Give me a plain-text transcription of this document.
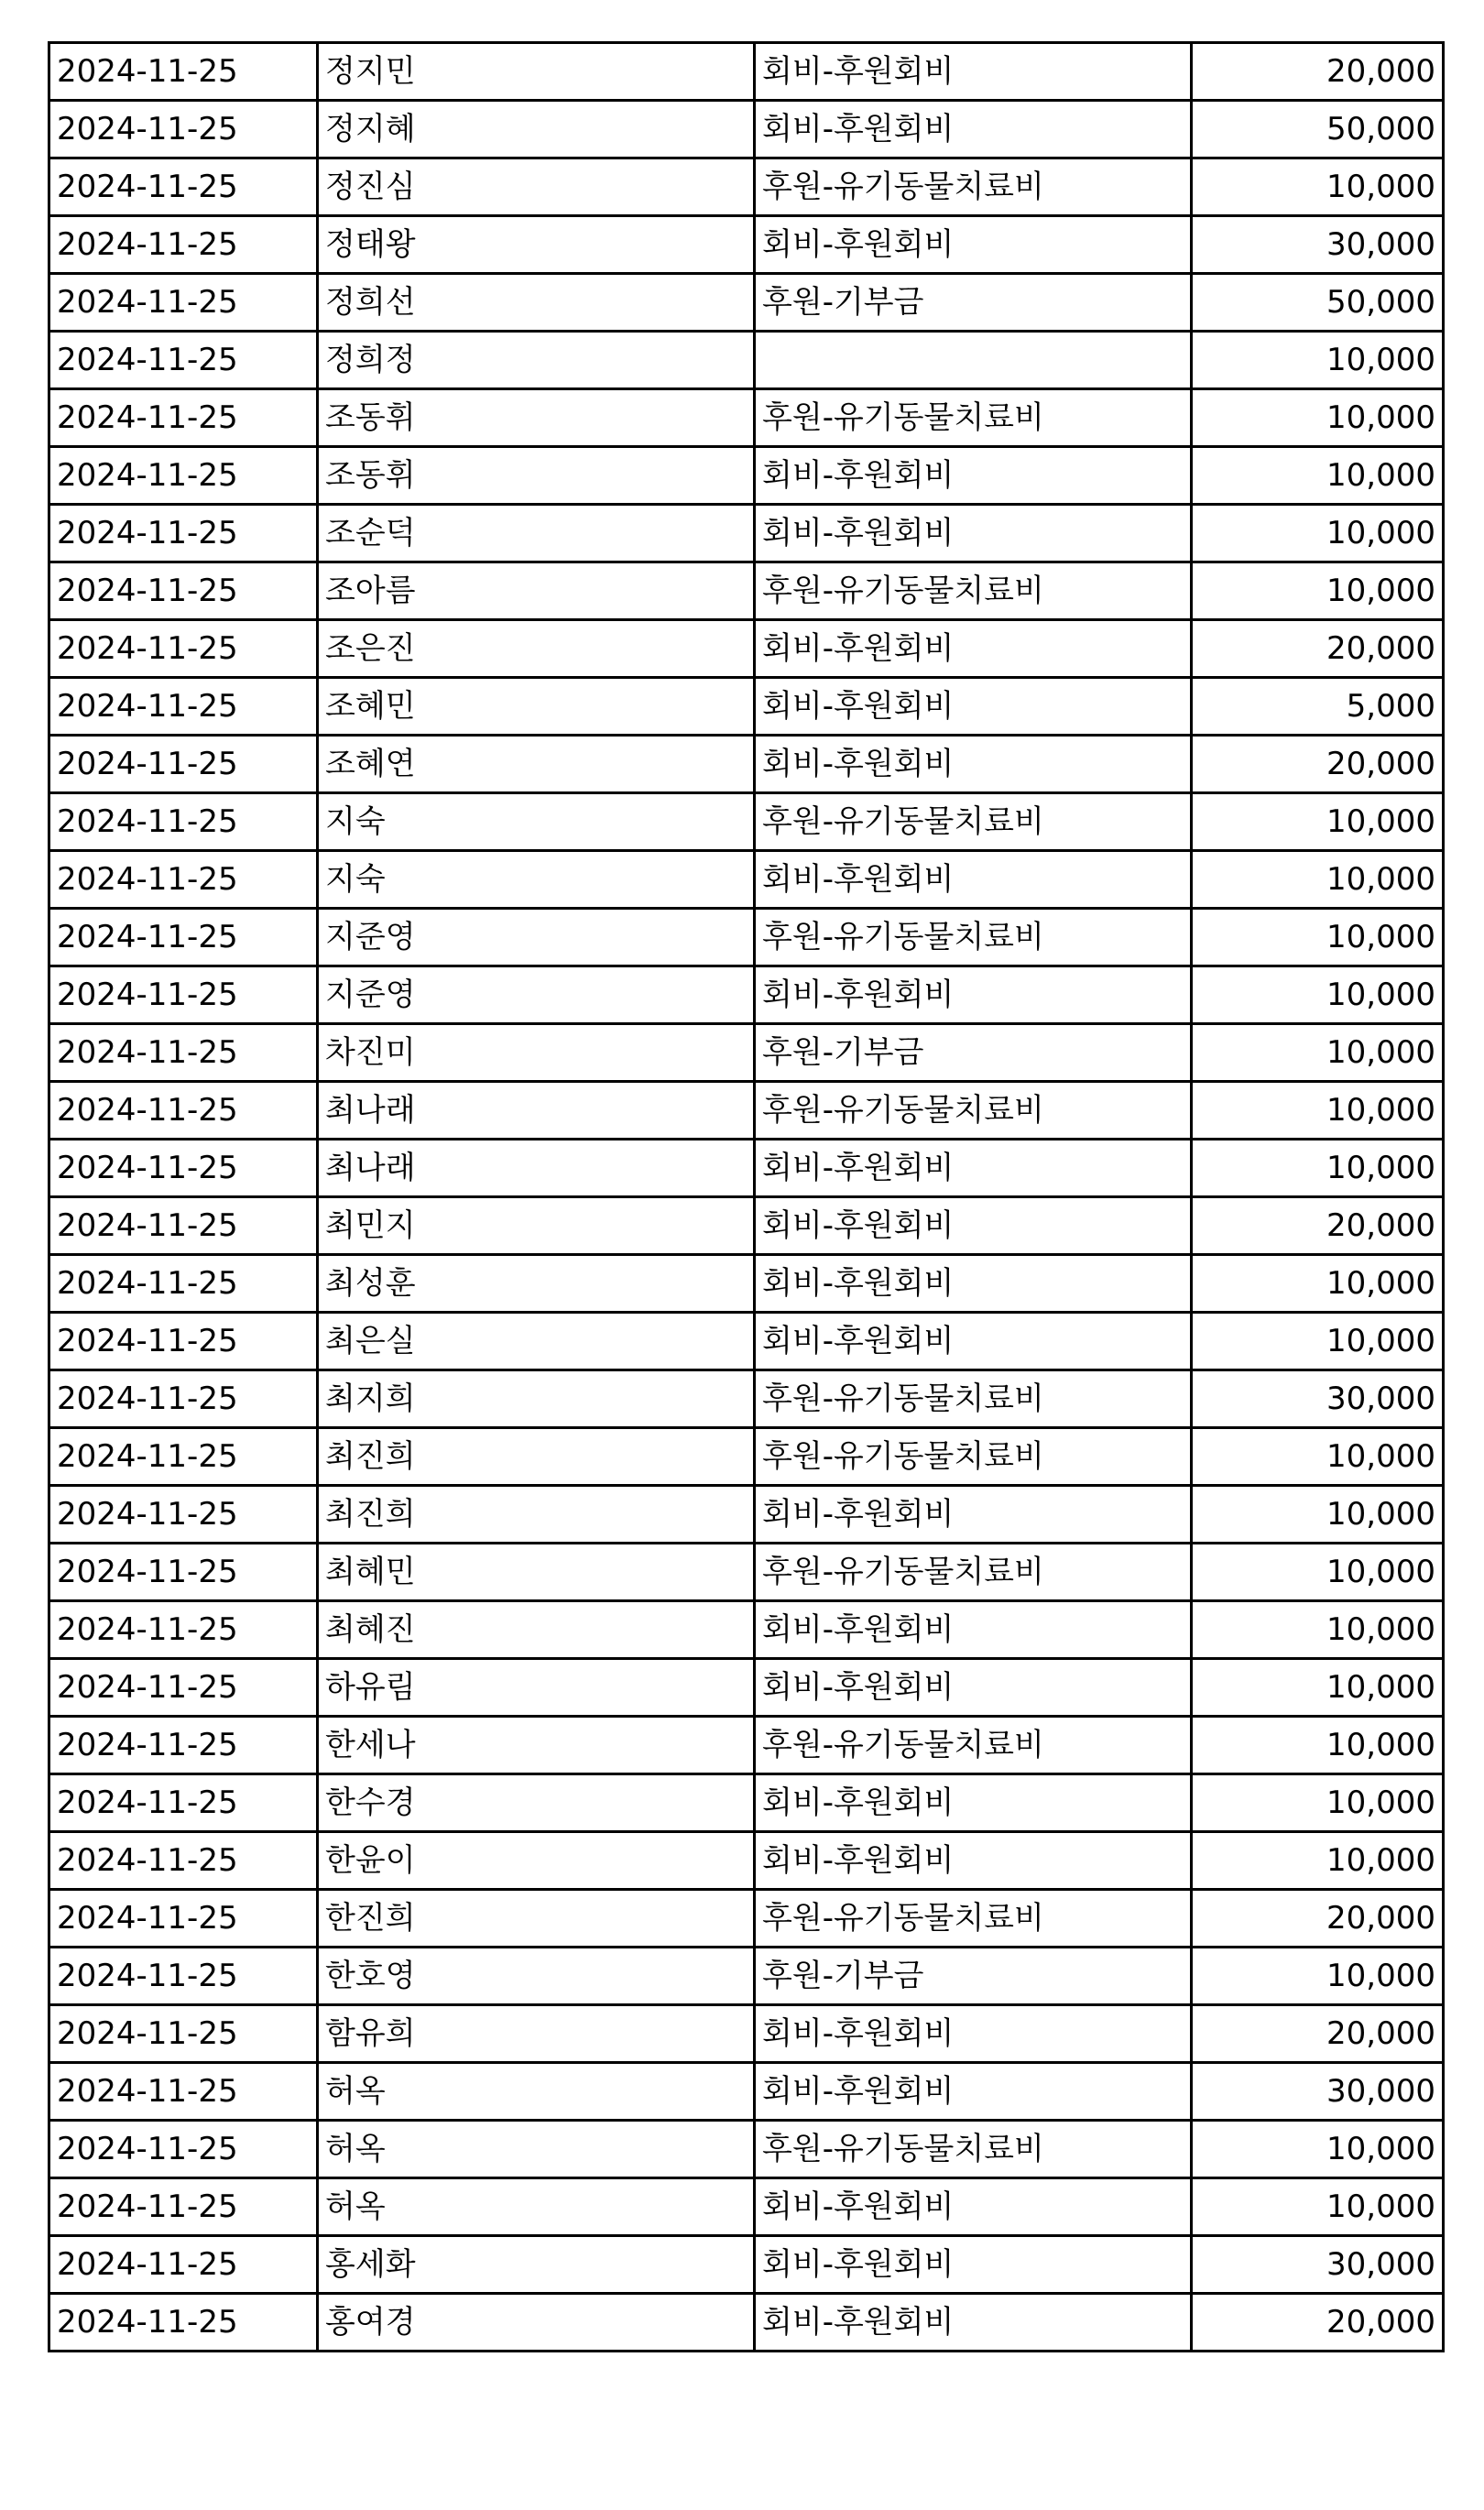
2024-11-25	정지민	회비-후원회비	20,000
2024-11-25	정지혜	회비-후원회비	50,000
2024-11-25	정진심	후원-유기동물치료비	10,000
2024-11-25	정태왕	회비-후원회비	30,000
2024-11-25	정희선	후원-기부금	50,000
2024-11-25	정희정		10,000
2024-11-25	조동휘	후원-유기동물치료비	10,000
2024-11-25	조동휘	회비-후원회비	10,000
2024-11-25	조순덕	회비-후원회비	10,000
2024-11-25	조아름	후원-유기동물치료비	10,000
2024-11-25	조은진	회비-후원회비	20,000
2024-11-25	조혜민	회비-후원회비	5,000
2024-11-25	조혜연	회비-후원회비	20,000
2024-11-25	지숙	후원-유기동물치료비	10,000
2024-11-25	지숙	회비-후원회비	10,000
2024-11-25	지준영	후원-유기동물치료비	10,000
2024-11-25	지준영	회비-후원회비	10,000
2024-11-25	차진미	후원-기부금	10,000
2024-11-25	최나래	후원-유기동물치료비	10,000
2024-11-25	최나래	회비-후원회비	10,000
2024-11-25	최민지	회비-후원회비	20,000
2024-11-25	최성훈	회비-후원회비	10,000
2024-11-25	최은실	회비-후원회비	10,000
2024-11-25	최지희	후원-유기동물치료비	30,000
2024-11-25	최진희	후원-유기동물치료비	10,000
2024-11-25	최진희	회비-후원회비	10,000
2024-11-25	최혜민	후원-유기동물치료비	10,000
2024-11-25	최혜진	회비-후원회비	10,000
2024-11-25	하유림	회비-후원회비	10,000
2024-11-25	한세나	후원-유기동물치료비	10,000
2024-11-25	한수경	회비-후원회비	10,000
2024-11-25	한윤이	회비-후원회비	10,000
2024-11-25	한진희	후원-유기동물치료비	20,000
2024-11-25	한호영	후원-기부금	10,000
2024-11-25	함유희	회비-후원회비	20,000
2024-11-25	허옥	회비-후원회비	30,000
2024-11-25	허옥	후원-유기동물치료비	10,000
2024-11-25	허옥	회비-후원회비	10,000
2024-11-25	홍세화	회비-후원회비	30,000
2024-11-25	홍여경	회비-후원회비	20,000
